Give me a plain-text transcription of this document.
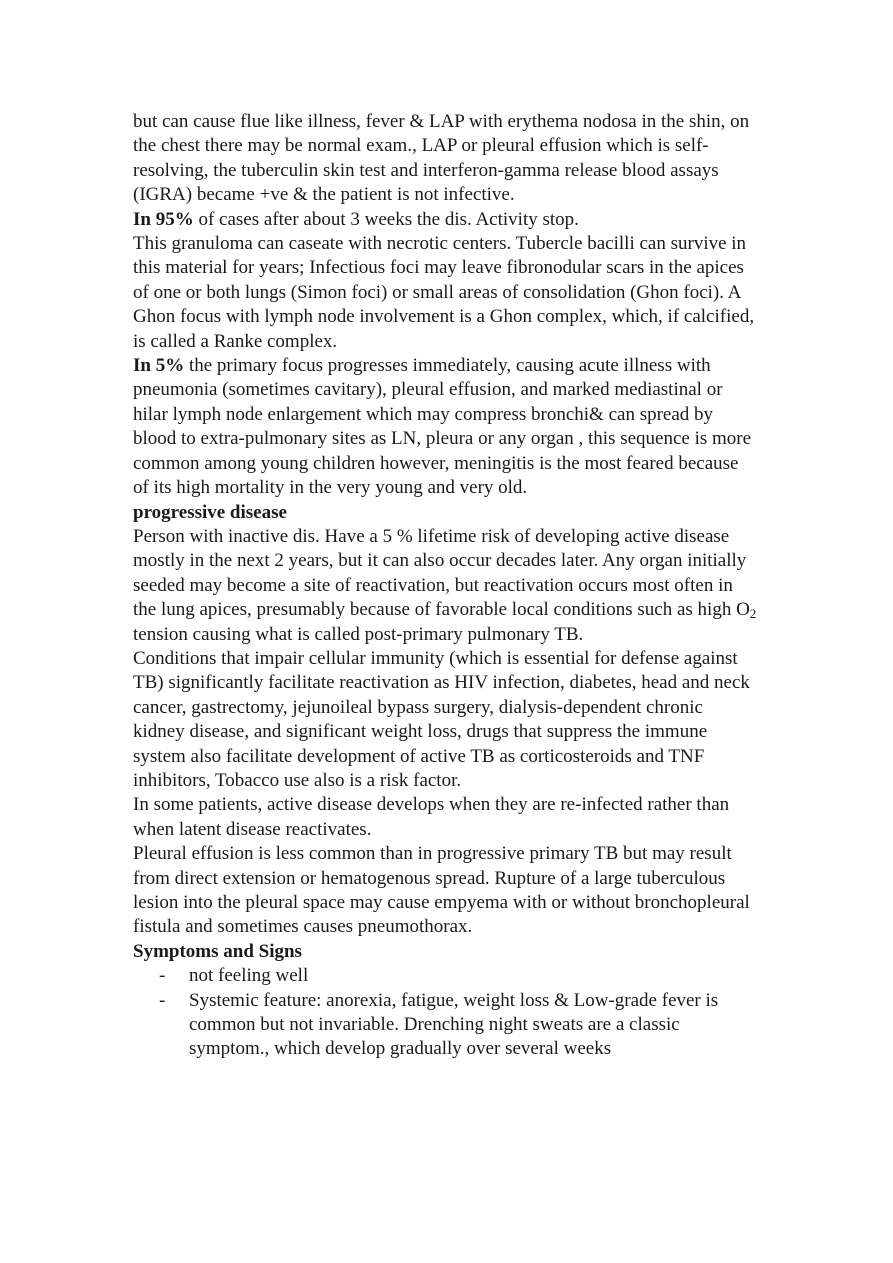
but can cause flue like illness, fever & LAP with erythema nodosa in the shin, on the chest there may be normal exam., LAP or pleural effusion which is self-resolving, the tuberculin skin test and interferon-gamma release blood assays (IGRA) became +ve & the patient is not infective.

In 95% of cases after about 3 weeks the dis. Activity stop.

This granuloma can caseate with necrotic centers. Tubercle bacilli can survive in this material for years; Infectious foci may leave fibronodular scars in the apices of one or both lungs (Simon foci) or small areas of consolidation (Ghon foci). A Ghon focus with lymph node involvement is a Ghon complex, which, if calcified, is called a Ranke complex.

In 5% the primary focus progresses immediately, causing acute illness with pneumonia (sometimes cavitary), pleural effusion, and marked mediastinal or hilar lymph node enlargement which may compress bronchi& can spread by blood to extra-pulmonary sites as LN, pleura or any organ , this sequence is more common among young children however, meningitis is the most feared because of its high mortality in the very young and very old.

progressive disease

Person with inactive dis. Have a 5 % lifetime risk of developing active disease mostly in the next 2 years, but it can also occur decades later. Any organ initially seeded may become a site of reactivation, but reactivation occurs most often in the lung apices, presumably because of favorable local conditions such as high $O_2$ tension causing what is called post-primary pulmonary TB.

Conditions that impair cellular immunity (which is essential for defense against TB) significantly facilitate reactivation as HIV infection, diabetes, head and neck cancer, gastrectomy, jejunoileal bypass surgery, dialysis-dependent chronic kidney disease, and significant weight loss, drugs that suppress the immune system also facilitate development of active TB as corticosteroids and TNF inhibitors, Tobacco use also is a risk factor.

In some patients, active disease develops when they are re-infected rather than when latent disease reactivates.

Pleural effusion is less common than in progressive primary TB but may result from direct extension or hematogenous spread. Rupture of a large tuberculous lesion into the pleural space may cause empyema with or without bronchopleural fistula and sometimes causes pneumothorax.

Symptoms and Signs

- not feeling well
- Systemic feature: anorexia, fatigue, weight loss & Low-grade fever is common but not invariable. Drenching night sweats are a classic symptom., which develop gradually over several weeks
